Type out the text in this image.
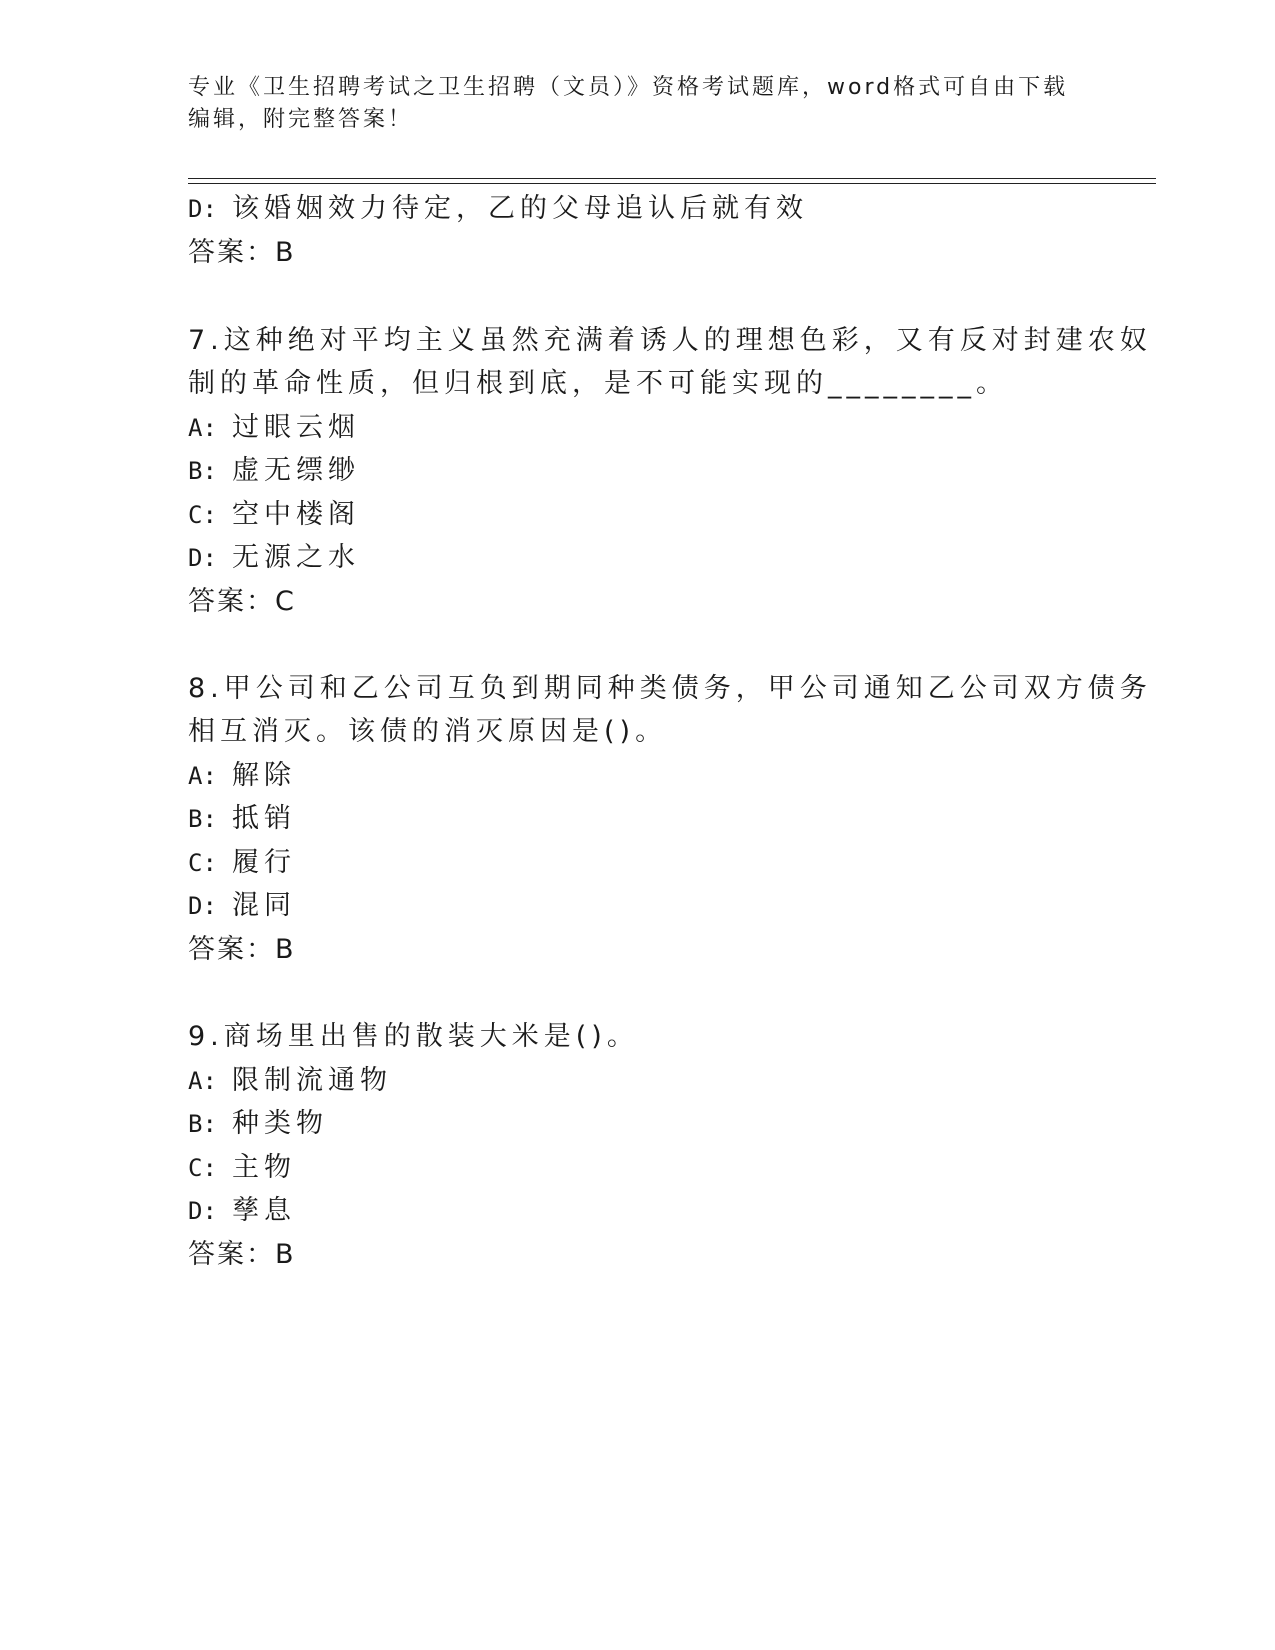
专业《卫生招聘考试之卫生招聘（文员）》资格考试题库，word格式可自由下载编辑，附完整答案！
D: 该婚姻效力待定，乙的父母追认后就有效
答案：B
7.这种绝对平均主义虽然充满着诱人的理想色彩，又有反对封建农奴
制的革命性质，但归根到底，是不可能实现的________。
A: 过眼云烟
B: 虚无缥缈
C: 空中楼阁
D: 无源之水
答案：C
8.甲公司和乙公司互负到期同种类债务，甲公司通知乙公司双方债务
相互消灭。该债的消灭原因是()。
A: 解除
B: 抵销
C: 履行
D: 混同
答案：B
9.商场里出售的散装大米是()。
A: 限制流通物
B: 种类物
C: 主物
D: 孳息
答案：B
